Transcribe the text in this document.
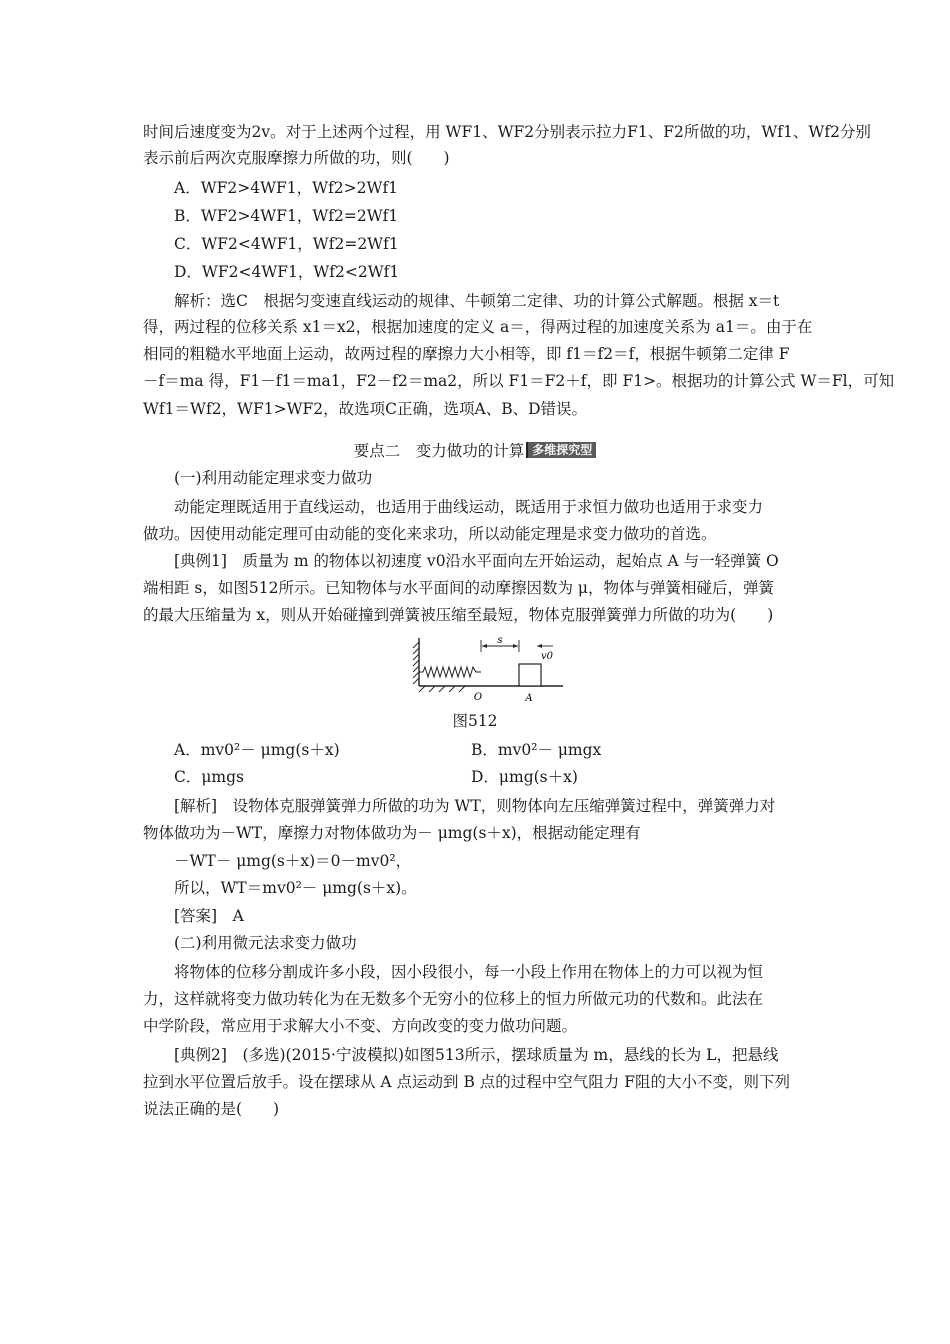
时间后速度变为2v。对于上述两个过程，用 WF1、WF2分别表示拉力F1、F2所做的功，Wf1、Wf2分别
表示前后两次克服摩擦力所做的功，则(　　)
A．WF2>4WF1，Wf2>2Wf1
B．WF2>4WF1，Wf2=2Wf1
C．WF2<4WF1，Wf2=2Wf1
D．WF2<4WF1，Wf2<2Wf1
解析：选C　根据匀变速直线运动的规律、牛顿第二定律、功的计算公式解题。根据 x＝t
得，两过程的位移关系 x1＝x2，根据加速度的定义 a＝，得两过程的加速度关系为 a1＝。由于在
相同的粗糙水平地面上运动，故两过程的摩擦力大小相等，即 f1＝f2＝f，根据牛顿第二定律 F
－f＝ma 得，F1－f1＝ma1，F2－f2＝ma2，所以 F1＝F2＋f，即 F1>。根据功的计算公式 W＝Fl，可知
Wf1＝Wf2，WF1>WF2，故选项C正确，选项A、B、D错误。
要点二　变力做功的计算 多维探究型
(一)利用动能定理求变力做功
动能定理既适用于直线运动，也适用于曲线运动，既适用于求恒力做功也适用于求变力
做功。因使用动能定理可由动能的变化来求功，所以动能定理是求变力做功的首选。
[典例1]　质量为 m 的物体以初速度 v0沿水平面向左开始运动，起始点 A 与一轻弹簧 O
端相距 s，如图512所示。已知物体与水平面间的动摩擦因数为 μ，物体与弹簧相碰后，弹簧
的最大压缩量为 x，则从开始碰撞到弹簧被压缩至最短，物体克服弹簧弹力所做的功为(　　)
s
v0
O	A
图512
A．mv0²－ μmg(s＋x)	B．mv0²－ μmgx
C．μmgs	D．μmg(s＋x)
[解析]　设物体克服弹簧弹力所做的功为 WT，则物体向左压缩弹簧过程中，弹簧弹力对
物体做功为－WT，摩擦力对物体做功为－ μmg(s＋x)，根据动能定理有
－WT－ μmg(s＋x)＝0－mv0²，
所以，WT＝mv0²－ μmg(s＋x)。
[答案]　A
(二)利用微元法求变力做功
将物体的位移分割成许多小段，因小段很小，每一小段上作用在物体上的力可以视为恒
力，这样就将变力做功转化为在无数多个无穷小的位移上的恒力所做元功的代数和。此法在
中学阶段，常应用于求解大小不变、方向改变的变力做功问题。
[典例2]　(多选)(2015·宁波模拟)如图513所示，摆球质量为 m，悬线的长为 L，把悬线
拉到水平位置后放手。设在摆球从 A 点运动到 B 点的过程中空气阻力 F阻的大小不变，则下列
说法正确的是(　　)
